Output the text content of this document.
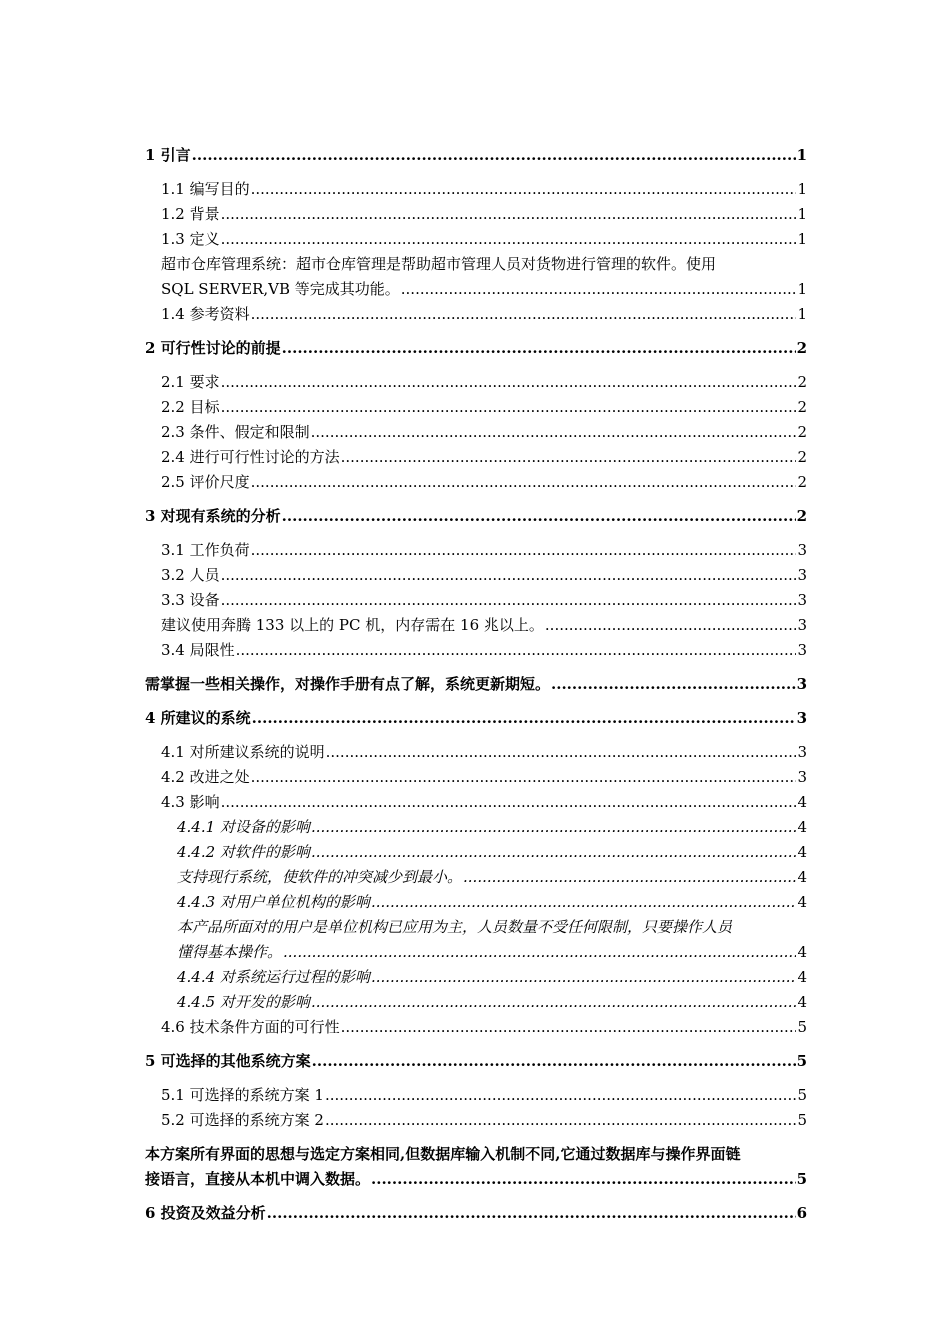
1 引言 .....	1
1.1 编写目的 .....	1
1.2 背景 .....	1
1.3 定义 .....	1
超市仓库管理系统：超市仓库管理是帮助超市管理人员对货物进行管理的软件。使用
SQL SERVER,VB 等完成其功能。 .....	1
1.4 参考资料 .....	1
2 可行性讨论的前提 .....	2
2.1 要求 .....	2
2.2 目标 .....	2
2.3 条件、假定和限制 .....	2
2.4 进行可行性讨论的方法 .....	2
2.5 评价尺度 .....	2
3 对现有系统的分析 .....	2
3.1 工作负荷 .....	3
3.2 人员 .....	3
3.3 设备 .....	3
建议使用奔腾 133 以上的 PC 机，内存需在 16 兆以上。 .....	3
3.4 局限性 .....	3
需掌握一些相关操作，对操作手册有点了解，系统更新期短。 .....	3
4 所建议的系统 .....	3
4.1 对所建议系统的说明 .....	3
4.2 改进之处 .....	3
4.3 影响 .....	4
4.4.1 对设备的影响 .....	4
4.4.2 对软件的影响 .....	4
支持现行系统，使软件的冲突减少到最小。 .....	4
4.4.3 对用户单位机构的影响 .....	4
本产品所面对的用户是单位机构已应用为主，人员数量不受任何限制，只要操作人员
懂得基本操作。 .....	4
4.4.4 对系统运行过程的影响 .....	4
4.4.5 对开发的影响 .....	4
4.6 技术条件方面的可行性 .....	5
5 可选择的其他系统方案 .....	5
5.1 可选择的系统方案 1 .....	5
5.2 可选择的系统方案 2 .....	5
本方案所有界面的思想与选定方案相同,但数据库输入机制不同,它通过数据库与操作界面链
接语言，直接从本机中调入数据。 .....	5
6 投资及效益分析 .....	6
